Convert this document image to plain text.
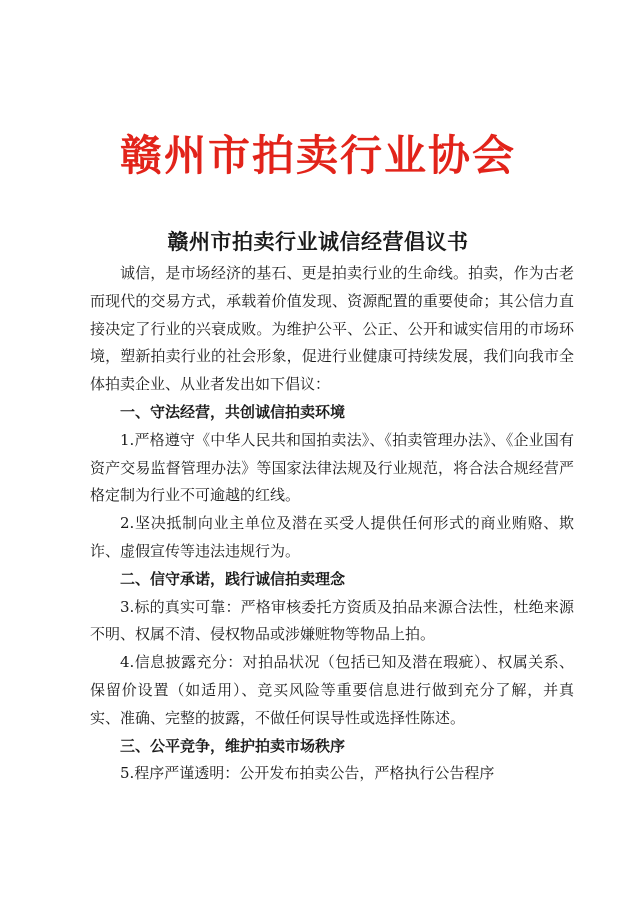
赣州市拍卖行业协会
赣州市拍卖行业诚信经营倡议书

诚信，是市场经济的基石、更是拍卖行业的生命线。拍卖，作为古老而现代的交易方式，承载着价值发现、资源配置的重要使命；其公信力直接决定了行业的兴衰成败。为维护公平、公正、公开和诚实信用的市场环境，塑新拍卖行业的社会形象，促进行业健康可持续发展，我们向我市全体拍卖企业、从业者发出如下倡议：

一、守法经营，共创诚信拍卖环境

1.严格遵守《中华人民共和国拍卖法》、《拍卖管理办法》、《企业国有资产交易监督管理办法》等国家法律法规及行业规范，将合法合规经营严格定制为行业不可逾越的红线。

2.坚决抵制向业主单位及潜在买受人提供任何形式的商业贿赂、欺诈、虚假宣传等违法违规行为。

二、信守承诺，践行诚信拍卖理念

3.标的真实可靠：严格审核委托方资质及拍品来源合法性，杜绝来源不明、权属不清、侵权物品或涉嫌赃物等物品上拍。

4.信息披露充分：对拍品状况（包括已知及潜在瑕疵）、权属关系、保留价设置（如适用）、竞买风险等重要信息进行做到充分了解，并真实、准确、完整的披露，不做任何误导性或选择性陈述。

三、公平竞争，维护拍卖市场秩序

5.程序严谨透明：公开发布拍卖公告，严格执行公告程序
